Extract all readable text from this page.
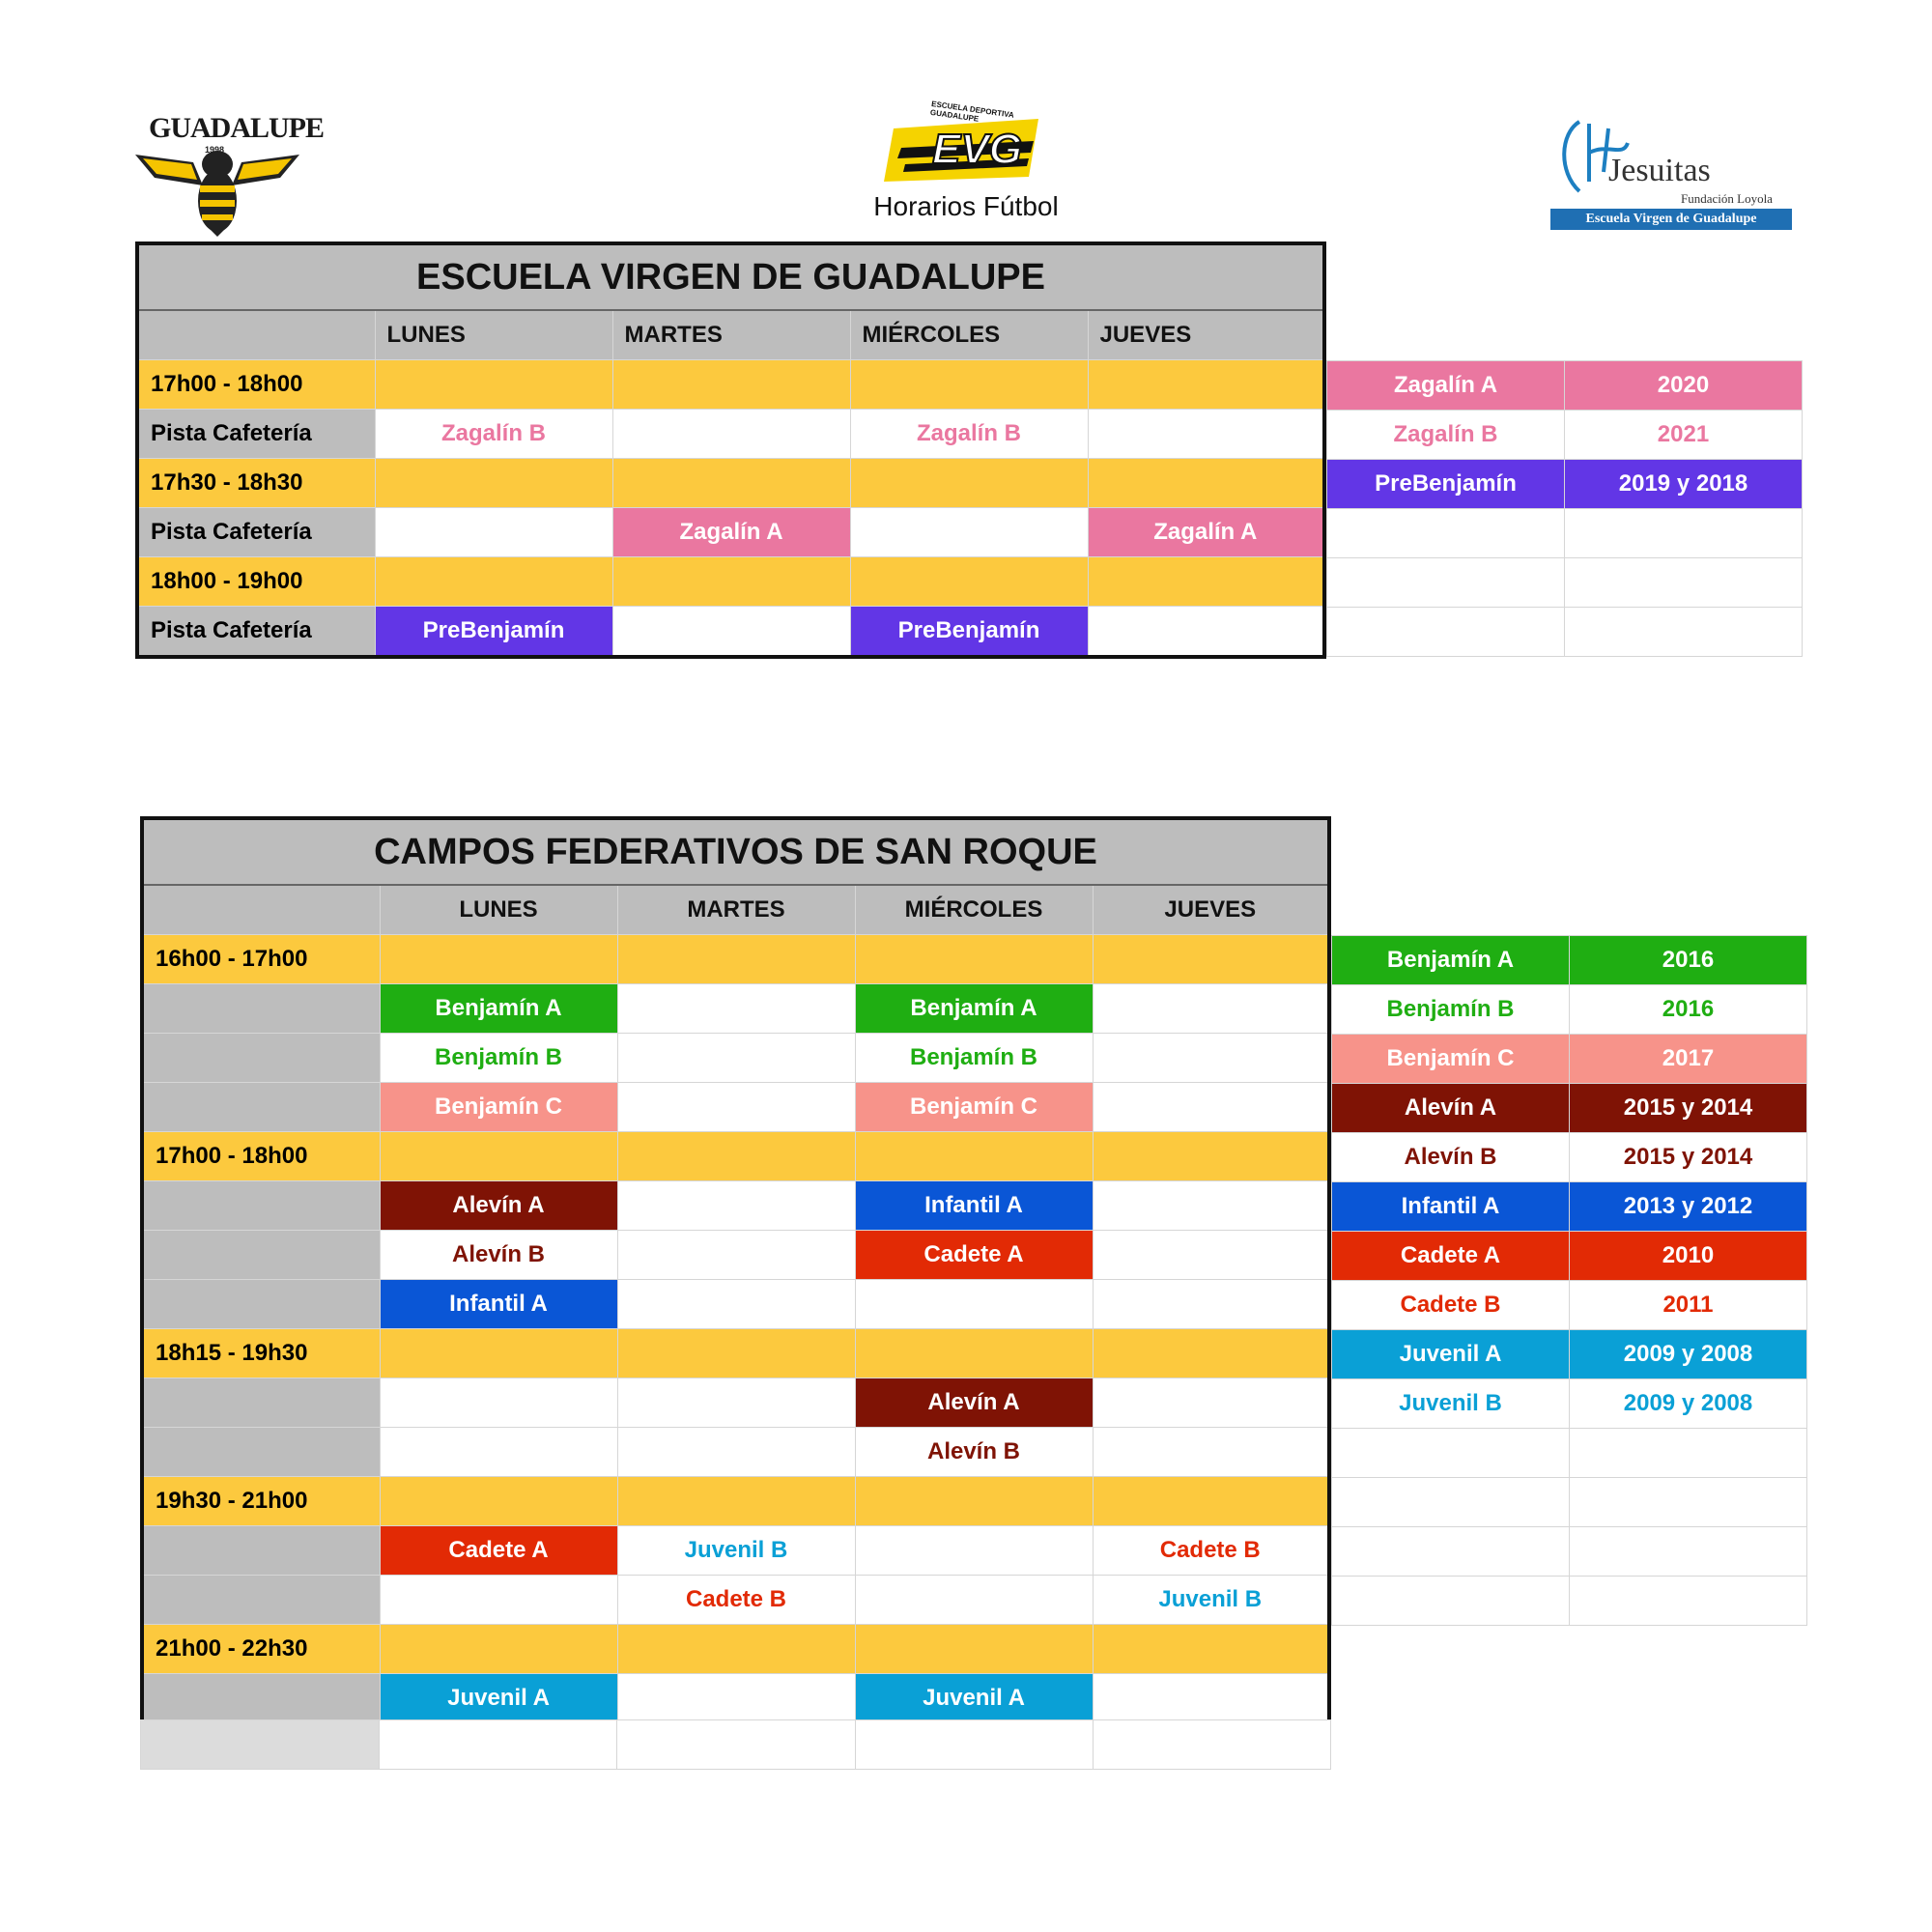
GUADALUPE
1998
ESCUELA DEPORTIVA GUADALUPE
EVG
Horarios Fútbol
Jesuitas
Fundación Loyola
Escuela Virgen de Guadalupe
ESCUELA VIRGEN DE GUADALUPE				
	LUNES	MARTES	MIÉRCOLES	JUEVES
17h00 - 18h00				
Pista Cafetería	Zagalín B		Zagalín B	
17h30 - 18h30				
Pista Cafetería		Zagalín A		Zagalín A
18h00 - 19h00				
Pista Cafetería	PreBenjamín		PreBenjamín	
Zagalín A	2020
Zagalín B	2021
PreBenjamín	2019 y 2018

CAMPOS FEDERATIVOS DE SAN ROQUE				
	LUNES	MARTES	MIÉRCOLES	JUEVES
16h00 - 17h00				
	Benjamín A		Benjamín A	
	Benjamín B		Benjamín B	
	Benjamín C		Benjamín C	
17h00 - 18h00				
	Alevín A		Infantil A	
	Alevín B		Cadete A	
	Infantil A			
18h15 - 19h30				
			Alevín A	
			Alevín B	
19h30 - 21h00				
	Cadete A	Juvenil B		Cadete B
		Cadete B		Juvenil B
21h00 - 22h30				
	Juvenil A		Juvenil A	

Benjamín A	2016
Benjamín B	2016
Benjamín C	2017
Alevín A	2015 y 2014
Alevín B	2015 y 2014
Infantil A	2013 y 2012
Cadete A	2010
Cadete B	2011
Juvenil A	2009 y 2008
Juvenil B	2009 y 2008
